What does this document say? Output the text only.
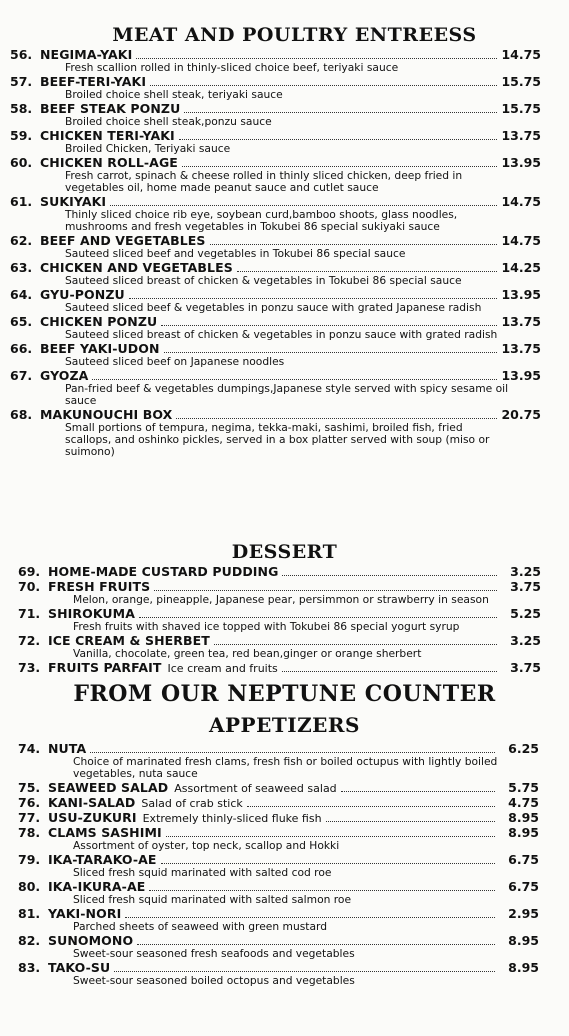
MEAT AND POULTRY ENTREESS
56. NEGIMA-YAKI	14.75
Fresh scallion rolled in thinly-sliced choice beef, teriyaki sauce
57. BEEF-TERI-YAKI	15.75
Broiled choice shell steak, teriyaki sauce
58. BEEF STEAK PONZU	15.75
Broiled choice shell steak,ponzu sauce
59. CHICKEN TERI-YAKI	13.75
Broiled Chicken, Teriyaki sauce
60. CHICKEN ROLL-AGE	13.95
Fresh carrot, spinach & cheese rolled in thinly sliced chicken, deep fried in vegetables oil, home made peanut sauce and cutlet sauce
61. SUKIYAKI	14.75
Thinly sliced choice rib eye, soybean curd,bamboo shoots, glass noodles, mushrooms and fresh vegetables in Tokubei 86 special sukiyaki sauce
62. BEEF AND VEGETABLES	14.75
Sauteed sliced beef and vegetables in Tokubei 86 special sauce
63. CHICKEN AND VEGETABLES	14.25
Sauteed sliced breast of chicken & vegetables in Tokubei 86 special sauce
64. GYU-PONZU	13.95
Sauteed sliced beef & vegetables in ponzu sauce with grated Japanese radish
65. CHICKEN PONZU	13.75
Sauteed sliced breast of chicken & vegetables in ponzu sauce with grated radish
66. BEEF YAKI-UDON	13.75
Sauteed sliced beef on Japanese noodles
67. GYOZA	13.95
Pan-fried beef & vegetables dumpings,Japanese style served with spicy sesame oil sauce
68. MAKUNOUCHI BOX	20.75
Small portions of tempura, negima, tekka-maki, sashimi, broiled fish, fried scallops, and oshinko pickles, served in a box platter served with soup (miso or suimono)
DESSERT
69. HOME-MADE CUSTARD PUDDING	3.25
70. FRESH FRUITS	3.75
Melon, orange, pineapple, Japanese pear, persimmon or strawberry in season
71. SHIROKUMA	5.25
Fresh fruits with shaved ice topped with Tokubei 86 special yogurt syrup
72. ICE CREAM & SHERBET	3.25
Vanilla, chocolate, green tea, red bean,ginger or orange sherbert
73. FRUITS PARFAIT Ice cream and fruits	3.75
FROM OUR NEPTUNE COUNTER
APPETIZERS
74. NUTA	6.25
Choice of marinated fresh clams, fresh fish or boiled octupus with lightly boiled vegetables, nuta sauce
75. SEAWEED SALAD Assortment of seaweed salad	5.75
76. KANI-SALAD Salad of crab stick	4.75
77. USU-ZUKURI Extremely thinly-sliced fluke fish	8.95
78. CLAMS SASHIMI	8.95
Assortment of oyster, top neck, scallop and Hokki
79. IKA-TARAKO-AE	6.75
Sliced fresh squid marinated with salted cod roe
80. IKA-IKURA-AE	6.75
Sliced fresh squid marinated with salted salmon roe
81. YAKI-NORI	2.95
Parched sheets of seaweed with green mustard
82. SUNOMONO	8.95
Sweet-sour seasoned fresh seafoods and vegetables
83. TAKO-SU	8.95
Sweet-sour seasoned boiled octopus and vegetables
